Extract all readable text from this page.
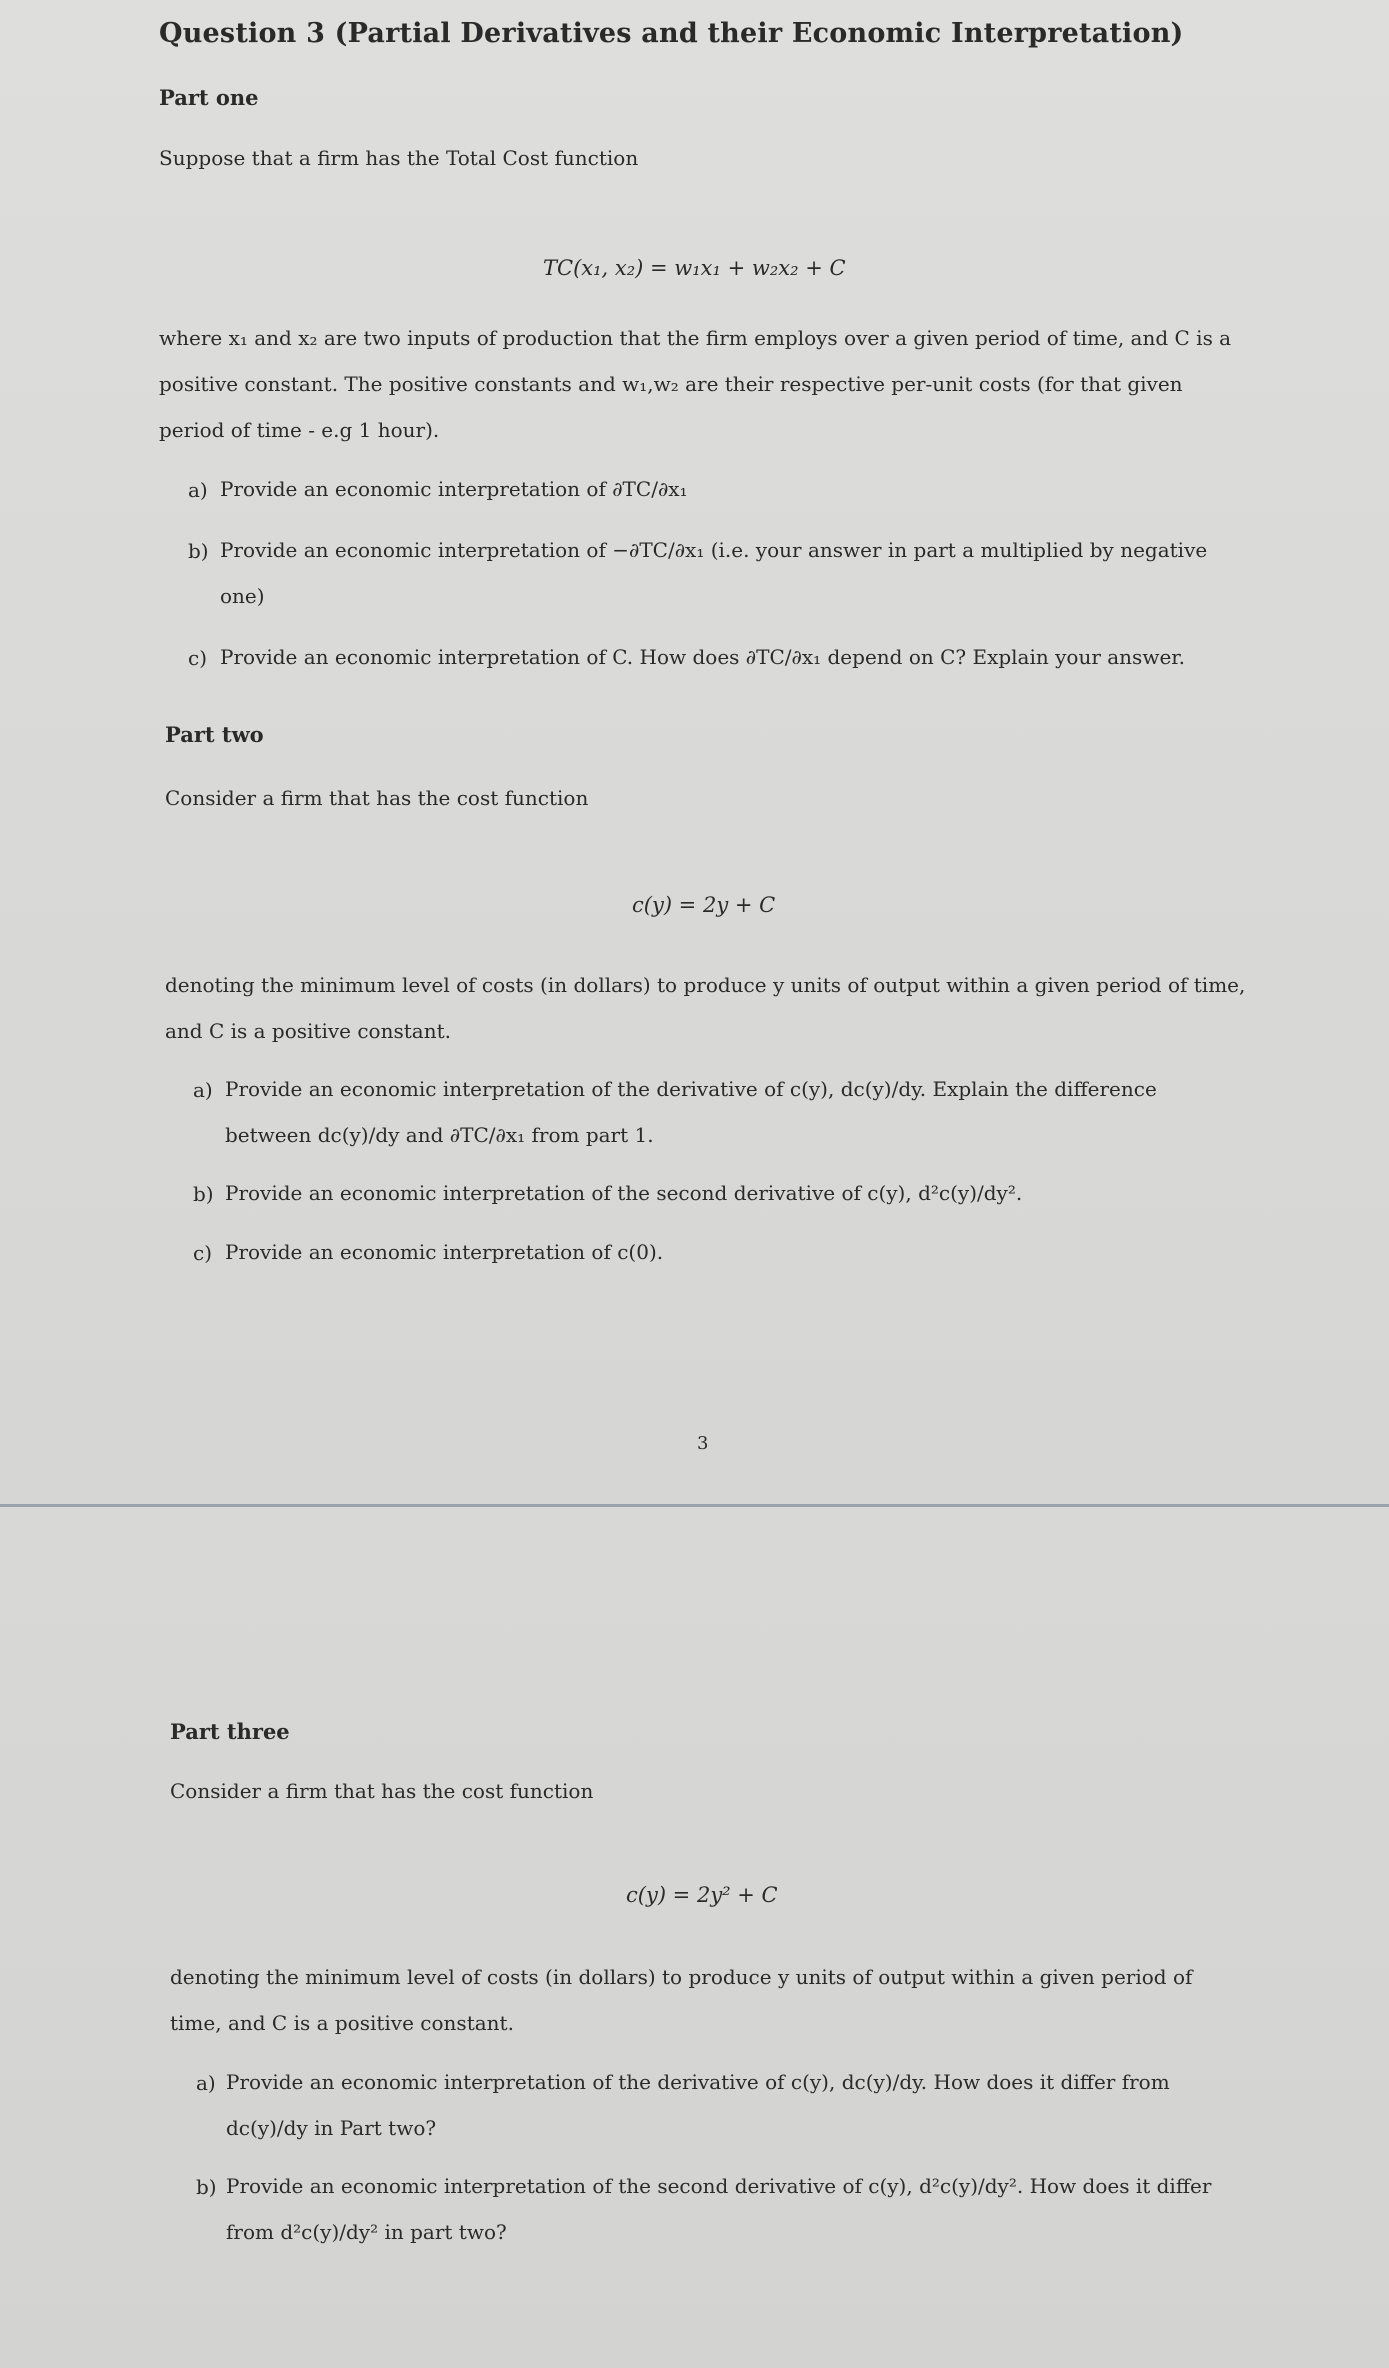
Question 3 (Partial Derivatives and their Economic Interpretation)
Part one
Suppose that a firm has the Total Cost function
TC(x₁, x₂) = w₁x₁ + w₂x₂ + C
where x₁ and x₂ are two inputs of production that the firm employs over a given period of time, and C is a positive constant. The positive constants and w₁,w₂ are their respective per-unit costs (for that given period of time - e.g 1 hour).
a) Provide an economic interpretation of ∂TC/∂x₁
b) Provide an economic interpretation of −∂TC/∂x₁ (i.e. your answer in part a multiplied by negative one)
c) Provide an economic interpretation of C. How does ∂TC/∂x₁ depend on C? Explain your answer.
Part two
Consider a firm that has the cost function
c(y) = 2y + C
denoting the minimum level of costs (in dollars) to produce y units of output within a given period of time, and C is a positive constant.
a) Provide an economic interpretation of the derivative of c(y), dc(y)/dy. Explain the difference between dc(y)/dy and ∂TC/∂x₁ from part 1.
b) Provide an economic interpretation of the second derivative of c(y), d²c(y)/dy².
c) Provide an economic interpretation of c(0).
3
Part three
Consider a firm that has the cost function
c(y) = 2y² + C
denoting the minimum level of costs (in dollars) to produce y units of output within a given period of time, and C is a positive constant.
a) Provide an economic interpretation of the derivative of c(y), dc(y)/dy. How does it differ from dc(y)/dy in Part two?
b) Provide an economic interpretation of the second derivative of c(y), d²c(y)/dy². How does it differ from d²c(y)/dy² in part two?
